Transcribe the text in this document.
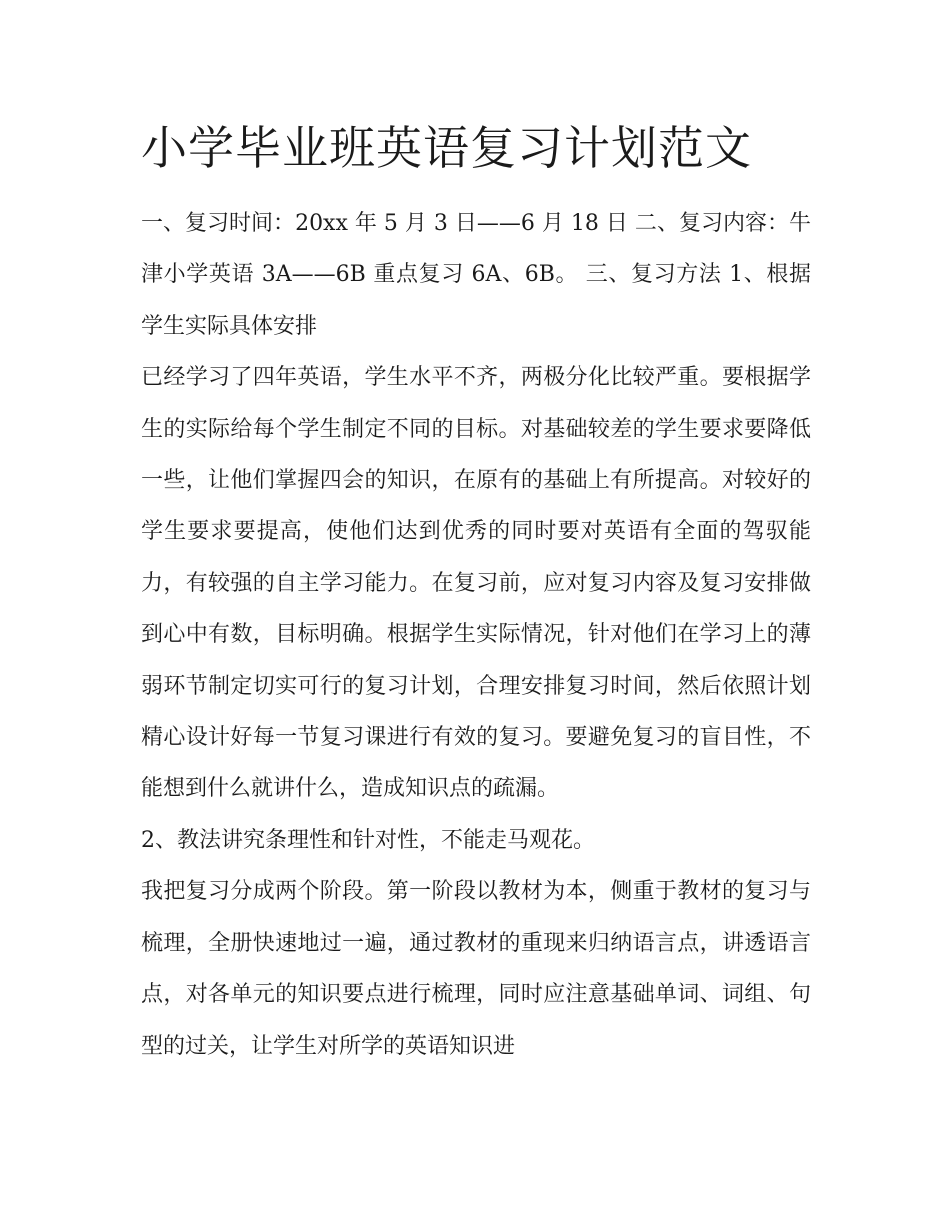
小学毕业班英语复习计划范文

一、复习时间：20xx 年 5 月 3 日——6 月 18 日 二、复习内容：牛津小学英语 3A——6B 重点复习 6A、6B。 三、复习方法 1、根据学生实际具体安排

已经学习了四年英语，学生水平不齐，两极分化比较严重。要根据学生的实际给每个学生制定不同的目标。对基础较差的学生要求要降低一些，让他们掌握四会的知识，在原有的基础上有所提高。对较好的学生要求要提高，使他们达到优秀的同时要对英语有全面的驾驭能力，有较强的自主学习能力。在复习前，应对复习内容及复习安排做到心中有数，目标明确。根据学生实际情况，针对他们在学习上的薄弱环节制定切实可行的复习计划，合理安排复习时间，然后依照计划精心设计好每一节复习课进行有效的复习。要避免复习的盲目性，不能想到什么就讲什么，造成知识点的疏漏。

2、教法讲究条理性和针对性，不能走马观花。

我把复习分成两个阶段。第一阶段以教材为本，侧重于教材的复习与梳理，全册快速地过一遍，通过教材的重现来归纳语言点，讲透语言点，对各单元的知识要点进行梳理，同时应注意基础单词、词组、句型的过关，让学生对所学的英语知识进
